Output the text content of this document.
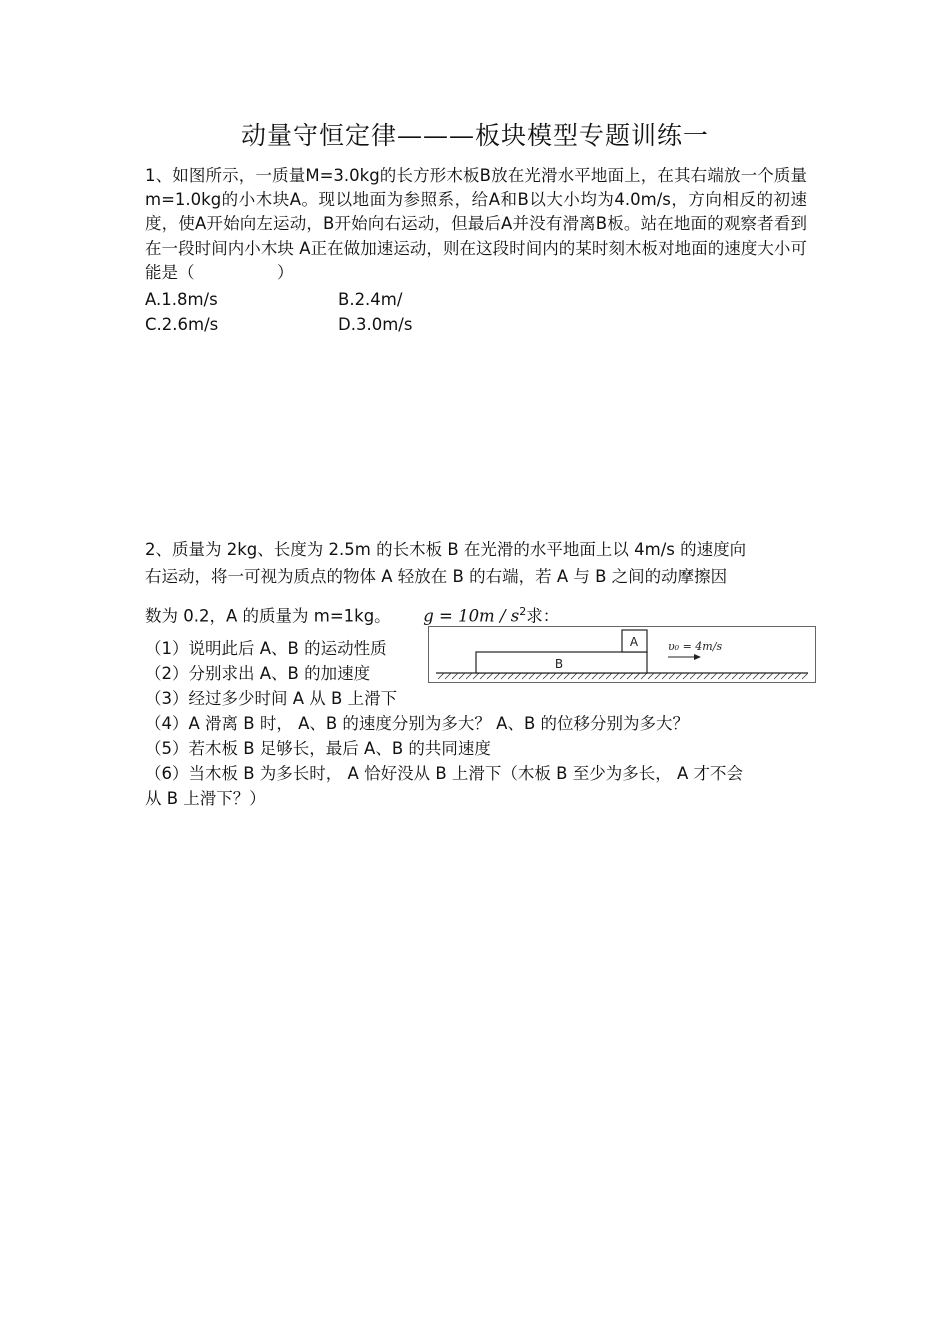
动量守恒定律———板块模型专题训练一
1、如图所示，一质量M=3.0kg的长方形木板B放在光滑水平地面上，在其右端放一个质量m=1.0kg的小木块A。现以地面为参照系，给A和B以大小均为4.0m/s，方向相反的初速度，使A开始向左运动，B开始向右运动，但最后A并没有滑离B板。站在地面的观察者看到在一段时间内小木块 A正在做加速运动，则在这段时间内的某时刻木板对地面的速度大小可能是（　　　　　）
A.1.8m/s	B.2.4m/
C.2.6m/s	D.3.0m/s
2、质量为 2kg、长度为 2.5m 的长木板 B 在光滑的水平地面上以 4m/s 的速度向
右运动，将一可视为质点的物体 A 轻放在 B 的右端，若 A 与 B 之间的动摩擦因
数为 0.2，A 的质量为 m=1kg。 $g = 10m / s^2$求：
（1）说明此后 A、B 的运动性质
（2）分别求出 A、B 的加速度
（3）经过多少时间 A 从 B 上滑下
（4）A 滑离 B 时， A、B 的速度分别为多大？ A、B 的位移分别为多大？
（5）若木板 B 足够长，最后 A、B 的共同速度
（6）当木板 B 为多长时， A 恰好没从 B 上滑下（木板 B 至少为多长， A 才不会
从 B 上滑下？）
B
A	υ₀ = 4m/s
